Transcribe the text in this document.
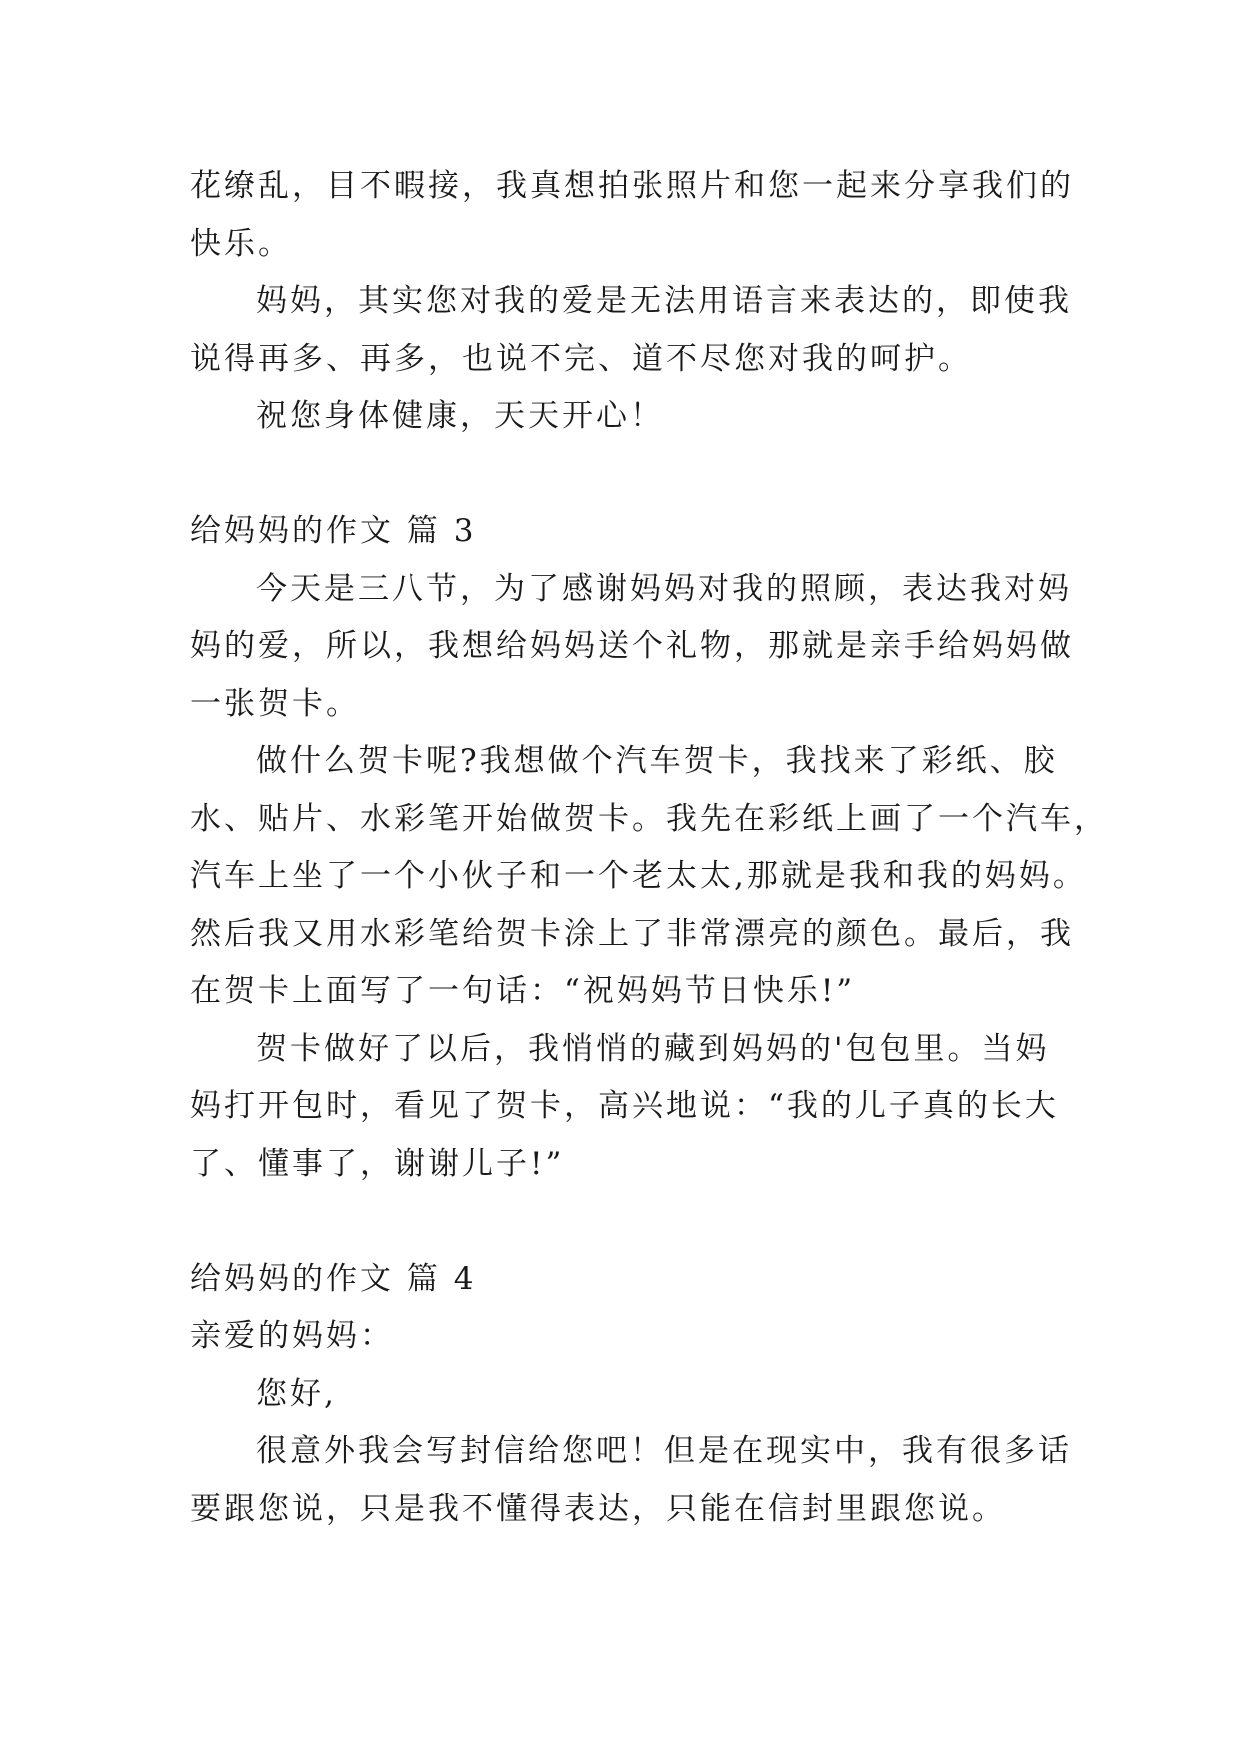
花缭乱，目不暇接，我真想拍张照片和您一起来分享我们的
快乐。
妈妈，其实您对我的爱是无法用语言来表达的，即使我
说得再多、再多，也说不完、道不尽您对我的呵护。
祝您身体健康，天天开心！
给妈妈的作文 篇 3
今天是三八节，为了感谢妈妈对我的照顾，表达我对妈
妈的爱，所以，我想给妈妈送个礼物，那就是亲手给妈妈做
一张贺卡。
做什么贺卡呢?我想做个汽车贺卡，我找来了彩纸、胶
水、贴片、水彩笔开始做贺卡。我先在彩纸上画了一个汽车，
汽车上坐了一个小伙子和一个老太太,那就是我和我的妈妈。
然后我又用水彩笔给贺卡涂上了非常漂亮的颜色。最后，我
在贺卡上面写了一句话：“祝妈妈节日快乐!”
贺卡做好了以后，我悄悄的藏到妈妈的'包包里。当妈
妈打开包时，看见了贺卡，高兴地说：“我的儿子真的长大
了、懂事了，谢谢儿子!”
给妈妈的作文 篇 4
亲爱的妈妈：
您好,
很意外我会写封信给您吧！但是在现实中，我有很多话
要跟您说，只是我不懂得表达，只能在信封里跟您说。
